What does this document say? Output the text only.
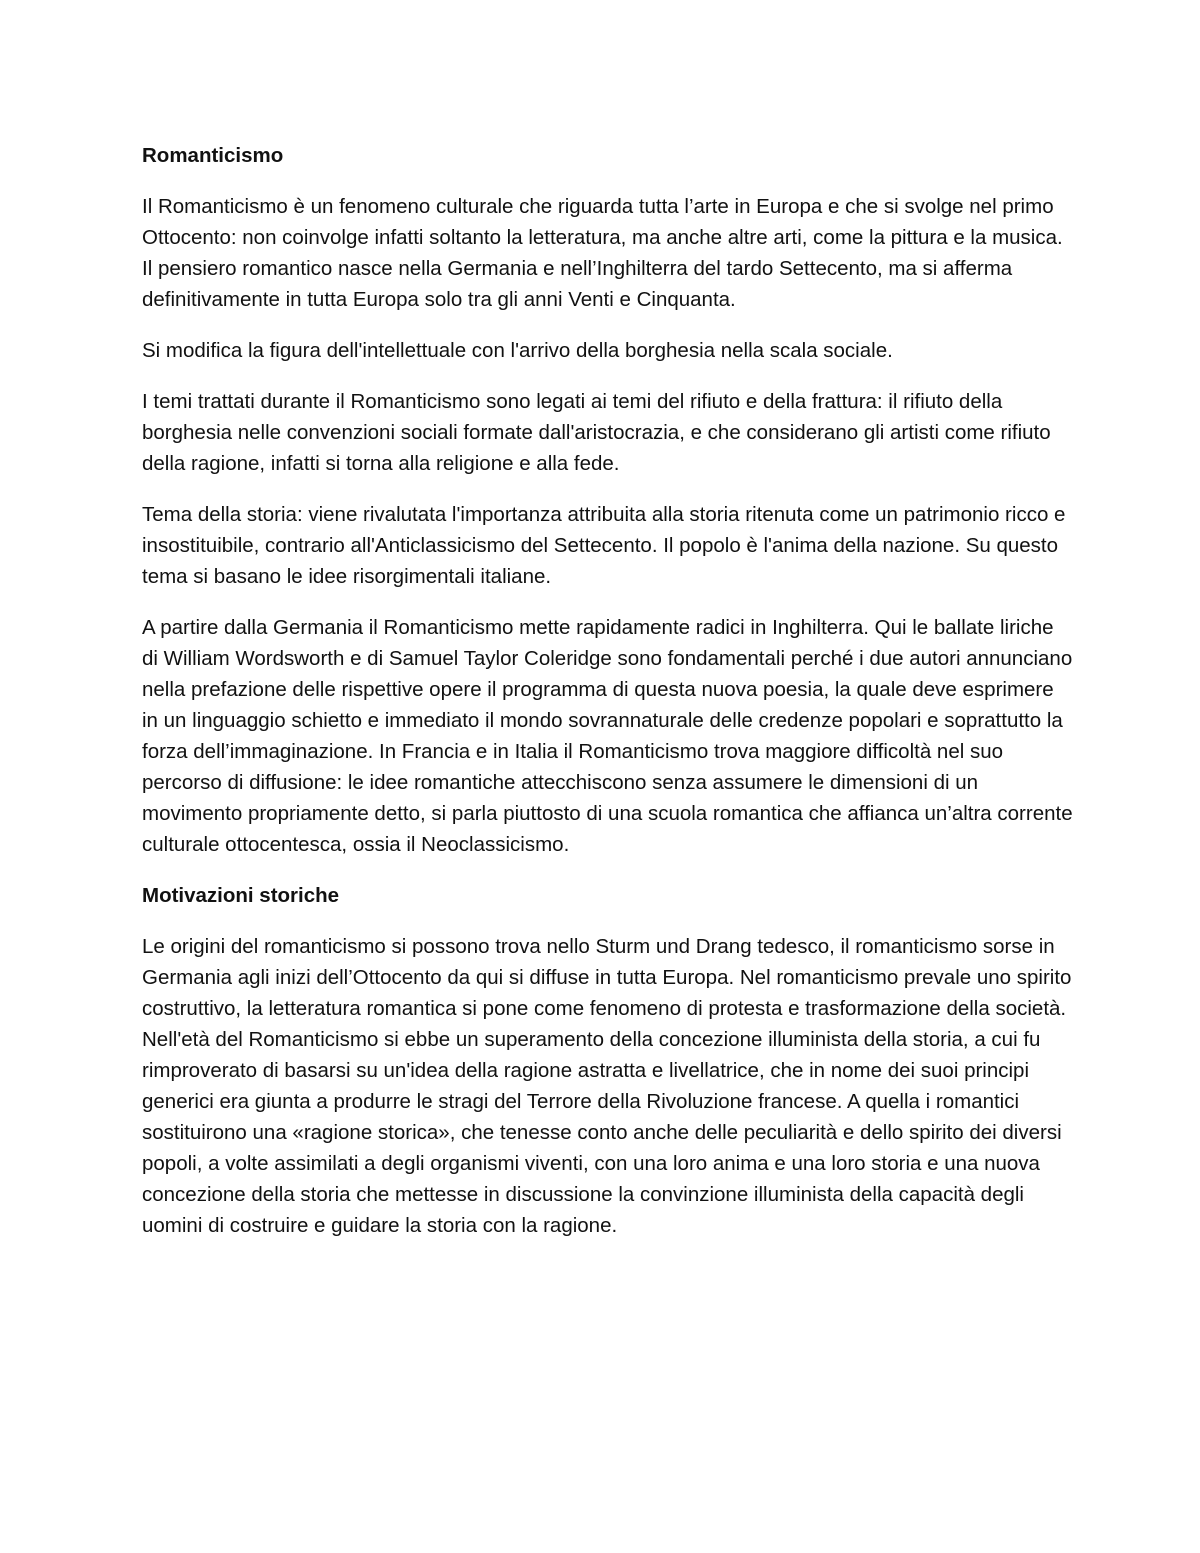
Romanticismo

Il Romanticismo è un fenomeno culturale che riguarda tutta l’arte in Europa e che si svolge nel primo Ottocento: non coinvolge infatti soltanto la letteratura, ma anche altre arti, come la pittura e la musica. Il pensiero romantico nasce nella Germania e nell’Inghilterra del tardo Settecento, ma si afferma definitivamente in tutta Europa solo tra gli anni Venti e Cinquanta.

Si modifica la figura dell'intellettuale con l'arrivo della borghesia nella scala sociale.

I temi trattati durante il Romanticismo sono legati ai temi del rifiuto e della frattura: il rifiuto della borghesia nelle convenzioni sociali formate dall'aristocrazia, e che considerano gli artisti come rifiuto della ragione, infatti si torna alla religione e alla fede.

Tema della storia: viene rivalutata l'importanza attribuita alla storia ritenuta come un patrimonio ricco e insostituibile, contrario all'Anticlassicismo del Settecento. Il popolo è l'anima della nazione. Su questo tema si basano le idee risorgimentali italiane.

A partire dalla Germania il Romanticismo mette rapidamente radici in Inghilterra. Qui le ballate liriche di William Wordsworth e di Samuel Taylor Coleridge sono fondamentali perché i due autori annunciano nella prefazione delle rispettive opere il programma di questa nuova poesia, la quale deve esprimere in un linguaggio schietto e immediato il mondo sovrannaturale delle credenze popolari e soprattutto la forza dell’immaginazione. In Francia e in Italia il Romanticismo trova maggiore difficoltà nel suo percorso di diffusione: le idee romantiche attecchiscono senza assumere le dimensioni di un movimento propriamente detto, si parla piuttosto di una scuola romantica che affianca un’altra corrente culturale ottocentesca, ossia il Neoclassicismo.

Motivazioni storiche

Le origini del romanticismo si possono trova nello Sturm und Drang tedesco, il romanticismo sorse in Germania agli inizi dell’Ottocento da qui si diffuse in tutta Europa. Nel romanticismo prevale uno spirito costruttivo, la letteratura romantica si pone come fenomeno di protesta e trasformazione della società. Nell'età del Romanticismo si ebbe un superamento della concezione illuminista della storia, a cui fu rimproverato di basarsi su un'idea della ragione astratta e livellatrice, che in nome dei suoi principi generici era giunta a produrre le stragi del Terrore della Rivoluzione francese. A quella i romantici sostituirono una «ragione storica», che tenesse conto anche delle peculiarità e dello spirito dei diversi popoli, a volte assimilati a degli organismi viventi, con una loro anima e una loro storia e una nuova concezione della storia che mettesse in discussione la convinzione illuminista della capacità degli uomini di costruire e guidare la storia con la ragione.
